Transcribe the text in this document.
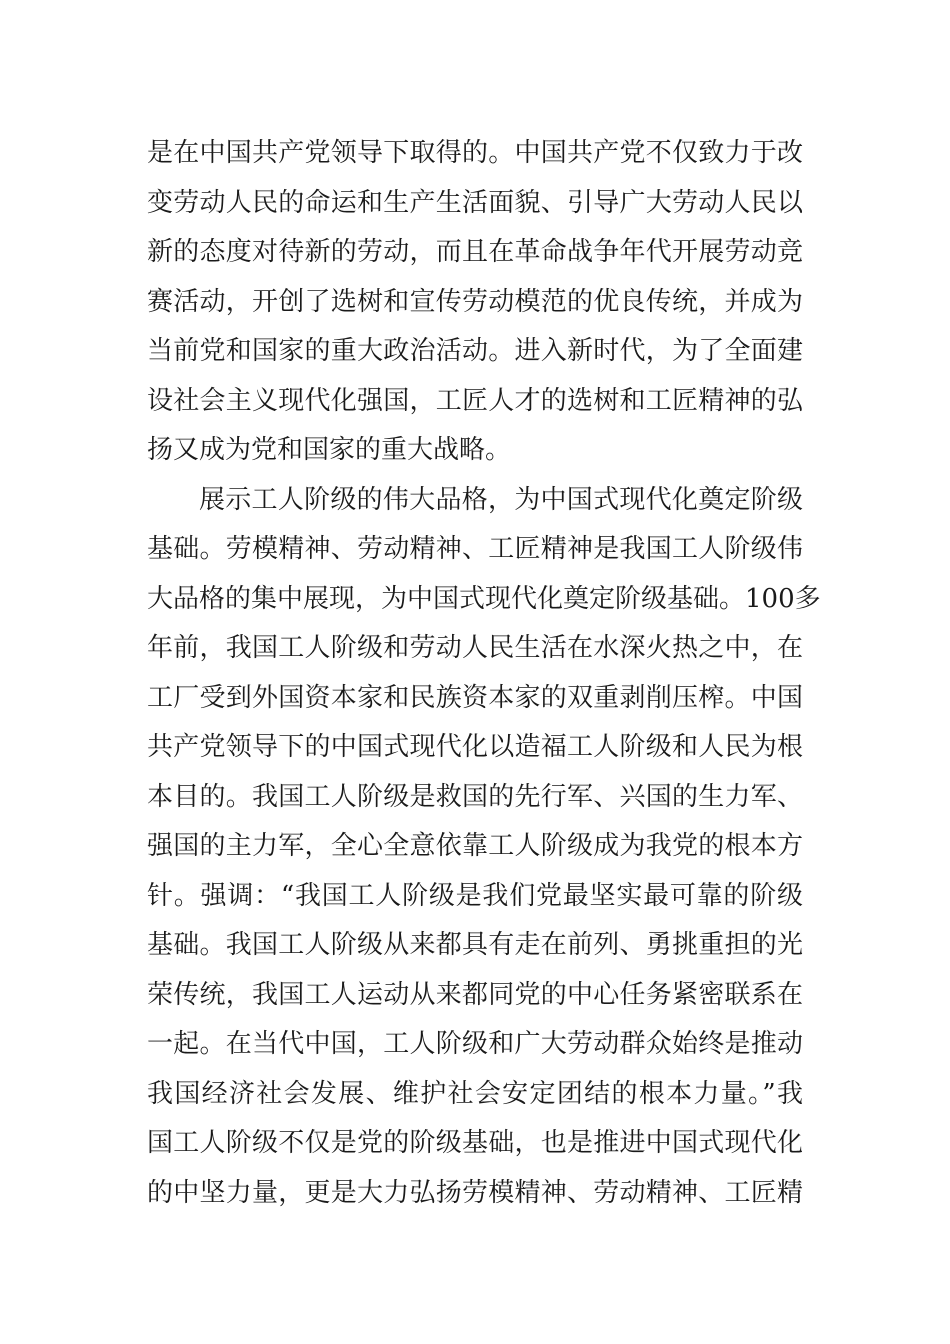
是在中国共产党领导下取得的。中国共产党不仅致力于改
变劳动人民的命运和生产生活面貌、引导广大劳动人民以
新的态度对待新的劳动，而且在革命战争年代开展劳动竞
赛活动，开创了选树和宣传劳动模范的优良传统，并成为
当前党和国家的重大政治活动。进入新时代，为了全面建
设社会主义现代化强国，工匠人才的选树和工匠精神的弘
扬又成为党和国家的重大战略。
展示工人阶级的伟大品格，为中国式现代化奠定阶级
基础。劳模精神、劳动精神、工匠精神是我国工人阶级伟
大品格的集中展现，为中国式现代化奠定阶级基础。100多
年前，我国工人阶级和劳动人民生活在水深火热之中，在
工厂受到外国资本家和民族资本家的双重剥削压榨。中国
共产党领导下的中国式现代化以造福工人阶级和人民为根
本目的。我国工人阶级是救国的先行军、兴国的生力军、
强国的主力军，全心全意依靠工人阶级成为我党的根本方
针。强调：“我国工人阶级是我们党最坚实最可靠的阶级
基础。我国工人阶级从来都具有走在前列、勇挑重担的光
荣传统，我国工人运动从来都同党的中心任务紧密联系在
一起。在当代中国，工人阶级和广大劳动群众始终是推动
我国经济社会发展、维护社会安定团结的根本力量。”我
国工人阶级不仅是党的阶级基础，也是推进中国式现代化
的中坚力量，更是大力弘扬劳模精神、劳动精神、工匠精
